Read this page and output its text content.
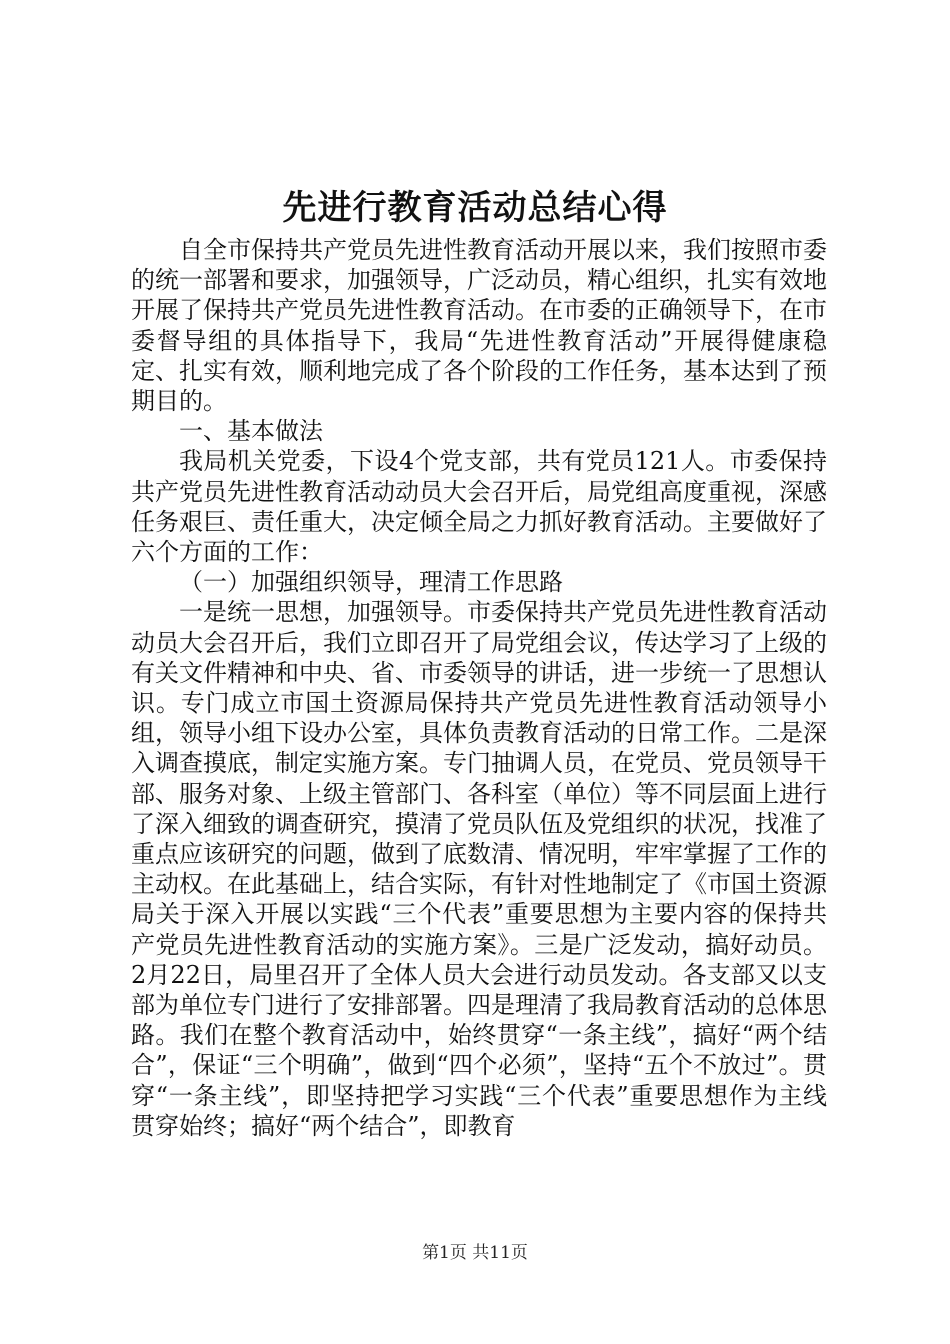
先进行教育活动总结心得

自全市保持共产党员先进性教育活动开展以来，我们按照市委的统一部署和要求，加强领导，广泛动员，精心组织，扎实有效地开展了保持共产党员先进性教育活动。在市委的正确领导下，在市委督导组的具体指导下，我局“先进性教育活动”开展得健康稳定、扎实有效，顺利地完成了各个阶段的工作任务，基本达到了预期目的。

一、基本做法

我局机关党委，下设4个党支部，共有党员121人。市委保持共产党员先进性教育活动动员大会召开后，局党组高度重视，深感任务艰巨、责任重大，决定倾全局之力抓好教育活动。主要做好了六个方面的工作：

（一）加强组织领导，理清工作思路

一是统一思想，加强领导。市委保持共产党员先进性教育活动动员大会召开后，我们立即召开了局党组会议，传达学习了上级的有关文件精神和中央、省、市委领导的讲话，进一步统一了思想认识。专门成立市国土资源局保持共产党员先进性教育活动领导小组，领导小组下设办公室，具体负责教育活动的日常工作。二是深入调查摸底，制定实施方案。专门抽调人员，在党员、党员领导干部、服务对象、上级主管部门、各科室（单位）等不同层面上进行了深入细致的调查研究，摸清了党员队伍及党组织的状况，找准了重点应该研究的问题，做到了底数清、情况明，牢牢掌握了工作的主动权。在此基础上，结合实际，有针对性地制定了《市国土资源局关于深入开展以实践“三个代表”重要思想为主要内容的保持共产党员先进性教育活动的实施方案》。三是广泛发动，搞好动员。2月22日，局里召开了全体人员大会进行动员发动。各支部又以支部为单位专门进行了安排部署。四是理清了我局教育活动的总体思路。我们在整个教育活动中，始终贯穿“一条主线”，搞好“两个结合”，保证“三个明确”，做到“四个必须”，坚持“五个不放过”。贯穿“一条主线”，即坚持把学习实践“三个代表”重要思想作为主线贯穿始终；搞好“两个结合”，即教育

第1页 共11页
